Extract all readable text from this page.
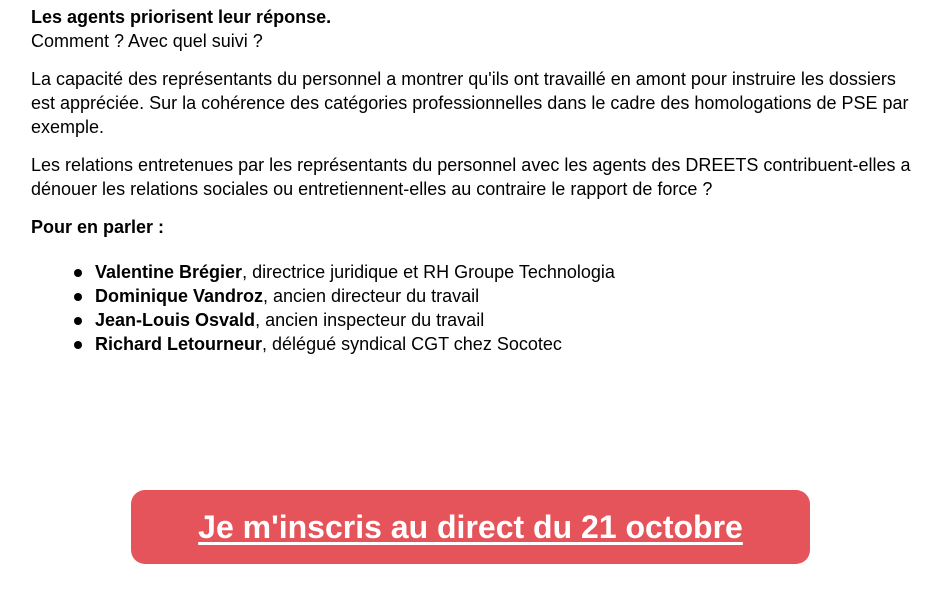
Les agents priorisent leur réponse.
Comment ? Avec quel suivi ?

La capacité des représentants du personnel a montrer qu'ils ont travaillé en amont pour instruire les dossiers est appréciée. Sur la cohérence des catégories professionnelles dans le cadre des homologations de PSE par exemple.

Les relations entretenues par les représentants du personnel avec les agents des DREETS contribuent-elles a dénouer les relations sociales ou entretiennent-elles au contraire le rapport de force ?

Pour en parler :

Valentine Brégier, directrice juridique et RH Groupe Technologia
Dominique Vandroz, ancien directeur du travail
Jean-Louis Osvald, ancien inspecteur du travail
Richard Letourneur, délégué syndical CGT chez Socotec
Je m'inscris au direct du 21 octobre
